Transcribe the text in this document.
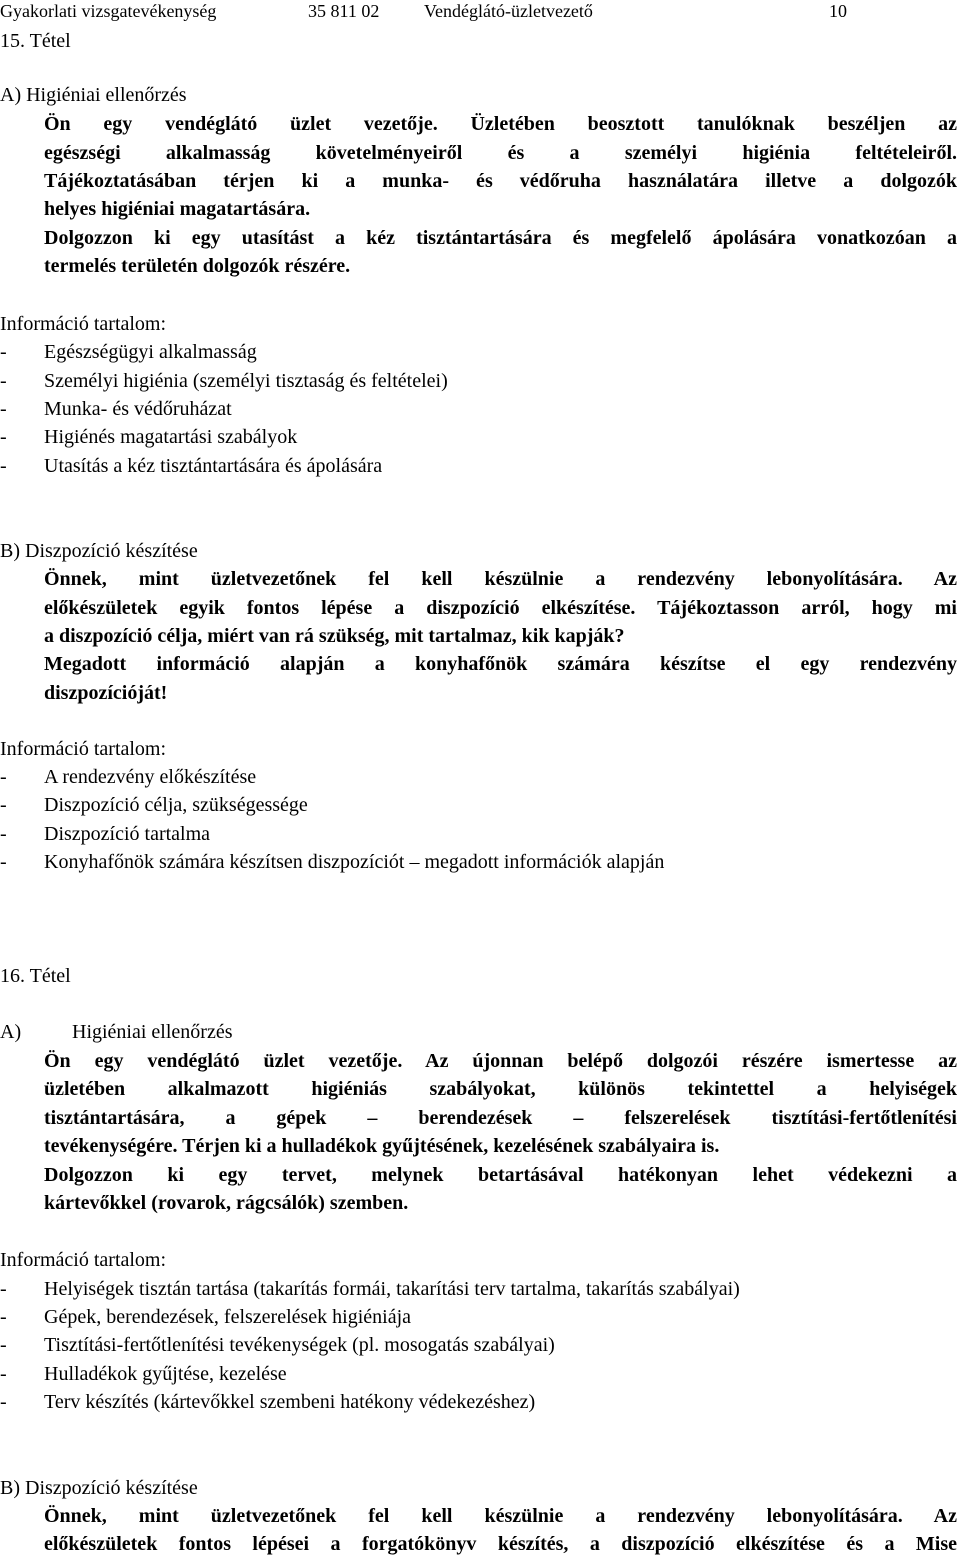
Gyakorlati vizsgatevékenység	35 811 02 Vendéglátó-üzletvezető	10
15. Tétel
A) Higiéniai ellenőrzés
Ön egy vendéglátó üzlet vezetője. Üzletében beosztott tanulóknak beszéljen az
egészségi alkalmasság követelményeiről és a személyi higiénia feltételeiről.
Tájékoztatásában térjen ki a munka- és védőruha használatára illetve a dolgozók
helyes higiéniai magatartására.
Dolgozzon ki egy utasítást a kéz tisztántartására és megfelelő ápolására vonatkozóan a
termelés területén dolgozók részére.
Információ tartalom:
- Egészségügyi alkalmasság
- Személyi higiénia (személyi tisztaság és feltételei)
- Munka- és védőruházat
- Higiénés magatartási szabályok
- Utasítás a kéz tisztántartására és ápolására
B) Diszpozíció készítése
Önnek, mint üzletvezetőnek fel kell készülnie a rendezvény lebonyolítására. Az
előkészületek egyik fontos lépése a diszpozíció elkészítése. Tájékoztasson arról, hogy mi
a diszpozíció célja, miért van rá szükség, mit tartalmaz, kik kapják?
Megadott információ alapján a konyhafőnök számára készítse el egy rendezvény
diszpozícióját!
Információ tartalom:
- A rendezvény előkészítése
- Diszpozíció célja, szükségessége
- Diszpozíció tartalma
- Konyhafőnök számára készítsen diszpozíciót – megadott információk alapján
16. Tétel
A)	Higiéniai ellenőrzés
Ön egy vendéglátó üzlet vezetője. Az újonnan belépő dolgozói részére ismertesse az
üzletében alkalmazott higiéniás szabályokat, különös tekintettel a helyiségek
tisztántartására, a gépek – berendezések – felszerelések tisztítási-fertőtlenítési
tevékenységére. Térjen ki a hulladékok gyűjtésének, kezelésének szabályaira is.
Dolgozzon ki egy tervet, melynek betartásával hatékonyan lehet védekezni a
kártevőkkel (rovarok, rágcsálók) szemben.
Információ tartalom:
- Helyiségek tisztán tartása (takarítás formái, takarítási terv tartalma, takarítás szabályai)
- Gépek, berendezések, felszerelések higiéniája
- Tisztítási-fertőtlenítési tevékenységek (pl. mosogatás szabályai)
- Hulladékok gyűjtése, kezelése
- Terv készítés (kártevőkkel szembeni hatékony védekezéshez)
B) Diszpozíció készítése
Önnek, mint üzletvezetőnek fel kell készülnie a rendezvény lebonyolítására. Az
előkészületek fontos lépései a forgatókönyv készítés, a diszpozíció elkészítése és a Mise
